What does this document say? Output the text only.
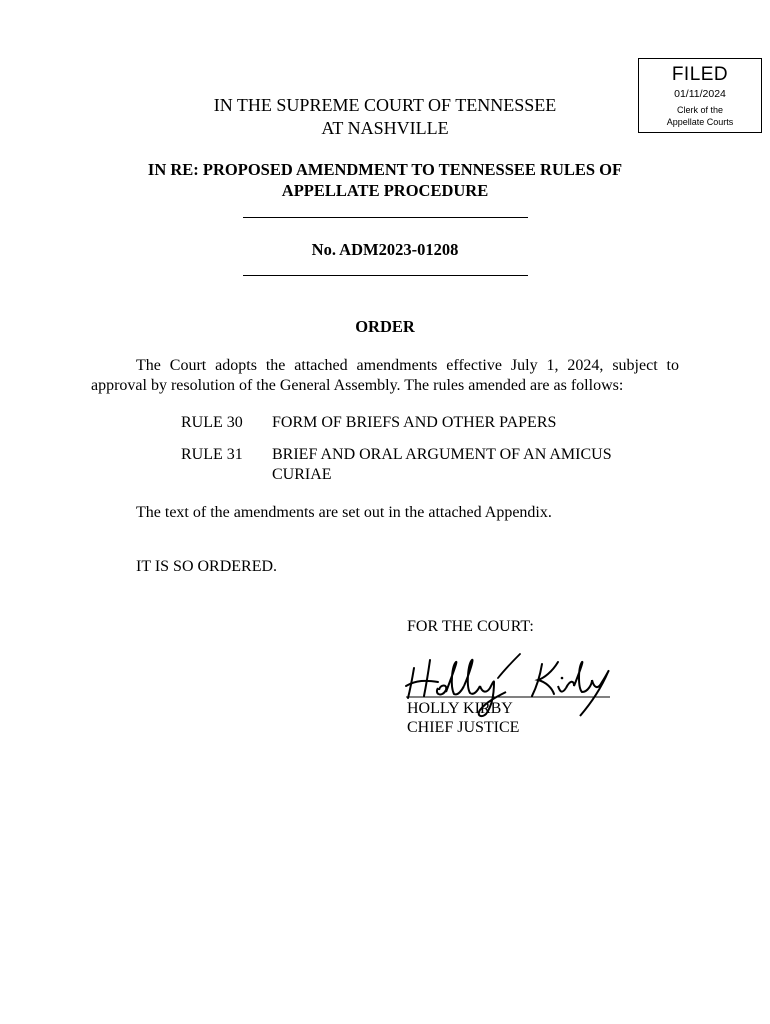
FILED
01/11/2024
Clerk of the
Appellate Courts
IN THE SUPREME COURT OF TENNESSEE
AT NASHVILLE
IN RE: PROPOSED AMENDMENT TO TENNESSEE RULES OF
APPELLATE PROCEDURE
No. ADM2023-01208
ORDER
The Court adopts the attached amendments effective July 1, 2024, subject to approval by resolution of the General Assembly. The rules amended are as follows:
RULE 30 FORM OF BRIEFS AND OTHER PAPERS
RULE 31 BRIEF AND ORAL ARGUMENT OF AN AMICUS CURIAE
The text of the amendments are set out in the attached Appendix.
IT IS SO ORDERED.
FOR THE COURT:
HOLLY KIRBY
CHIEF JUSTICE
